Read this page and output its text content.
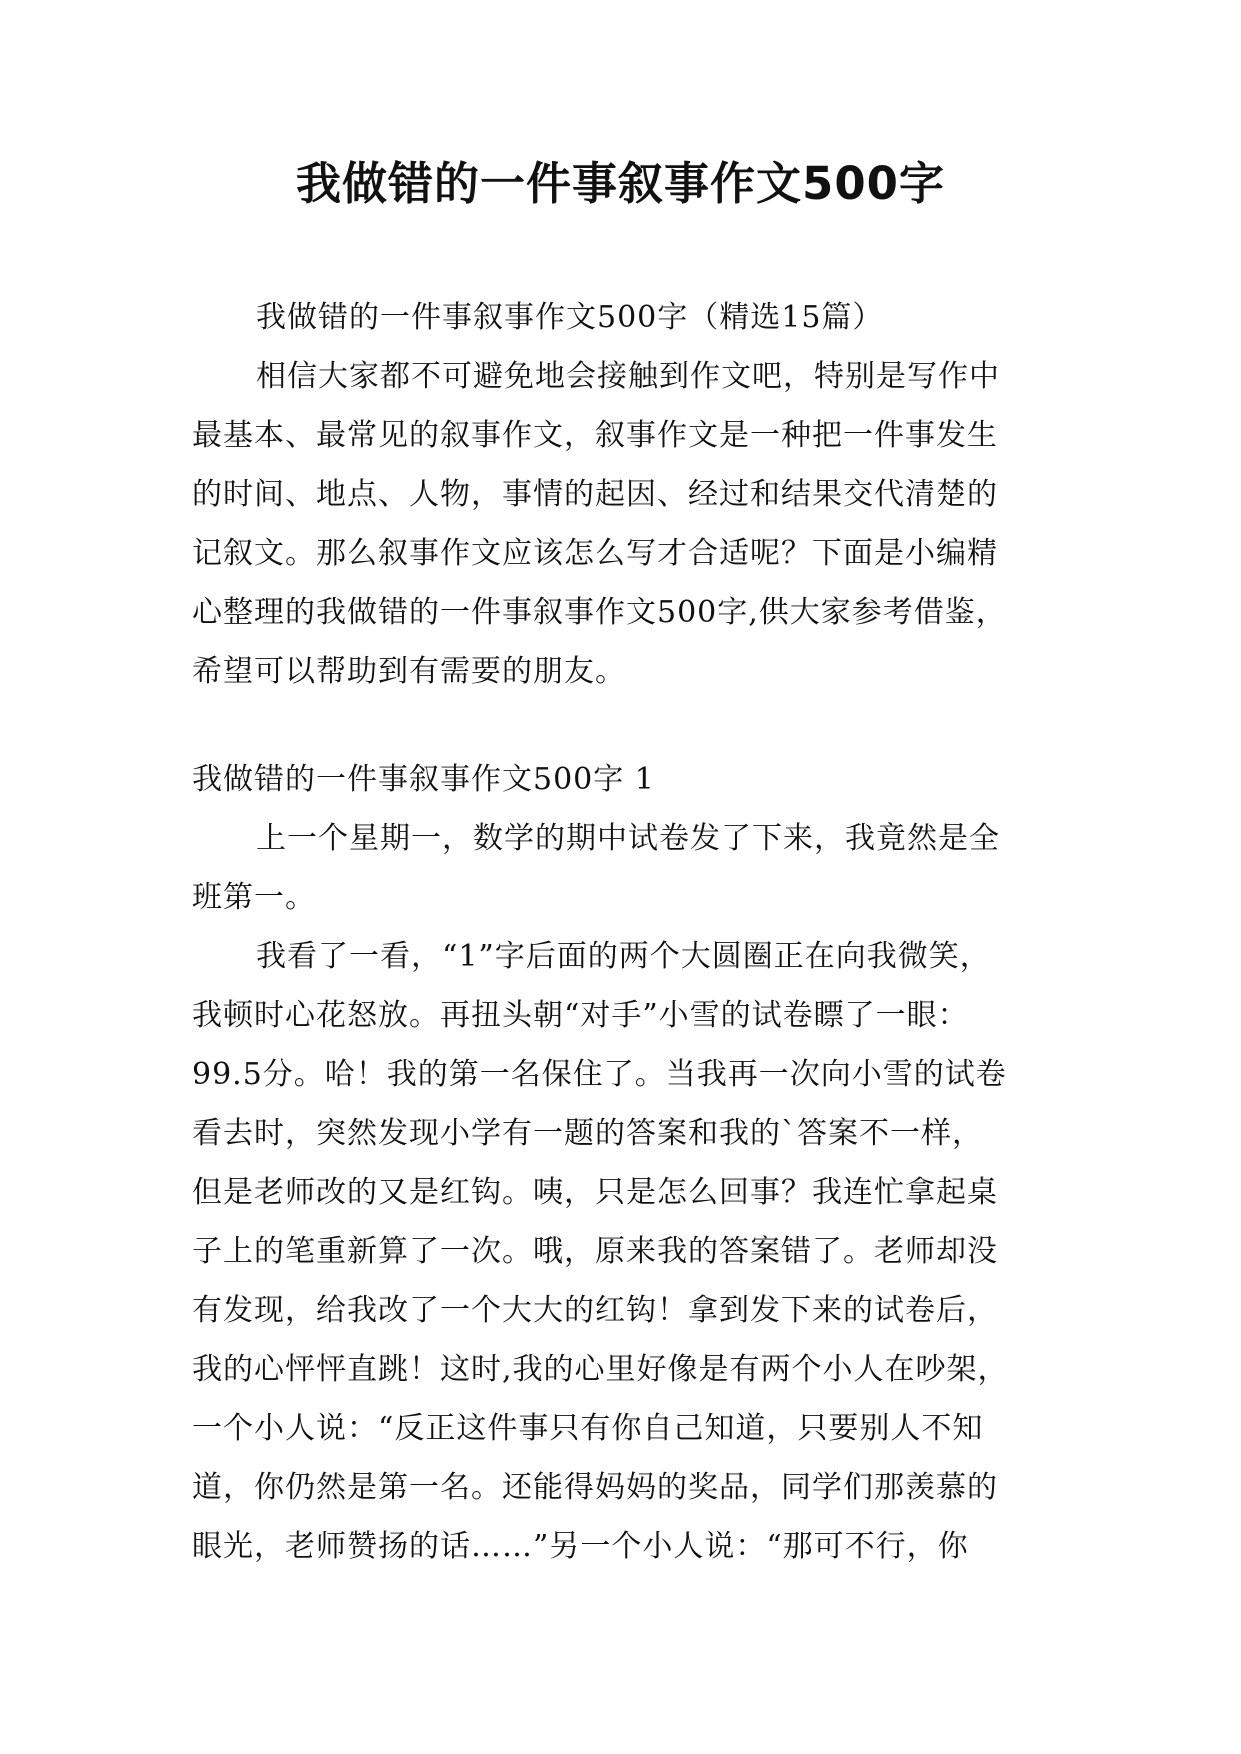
我做错的一件事叙事作文500字
我做错的一件事叙事作文500字（精选15篇）
相信大家都不可避免地会接触到作文吧，特别是写作中
最基本、最常见的叙事作文，叙事作文是一种把一件事发生
的时间、地点、人物，事情的起因、经过和结果交代清楚的
记叙文。那么叙事作文应该怎么写才合适呢？下面是小编精
心整理的我做错的一件事叙事作文500字,供大家参考借鉴，
希望可以帮助到有需要的朋友。
我做错的一件事叙事作文500字 1
上一个星期一，数学的期中试卷发了下来，我竟然是全
班第一。
我看了一看，“1”字后面的两个大圆圈正在向我微笑，
我顿时心花怒放。再扭头朝“对手”小雪的试卷瞟了一眼：
99.5分。哈！我的第一名保住了。当我再一次向小雪的试卷
看去时，突然发现小学有一题的答案和我的`答案不一样，
但是老师改的又是红钩。咦，只是怎么回事？我连忙拿起桌
子上的笔重新算了一次。哦，原来我的答案错了。老师却没
有发现，给我改了一个大大的红钩！拿到发下来的试卷后，
我的心怦怦直跳！这时,我的心里好像是有两个小人在吵架，
一个小人说：“反正这件事只有你自己知道，只要别人不知
道，你仍然是第一名。还能得妈妈的奖品，同学们那羡慕的
眼光，老师赞扬的话……”另一个小人说：“那可不行，你
